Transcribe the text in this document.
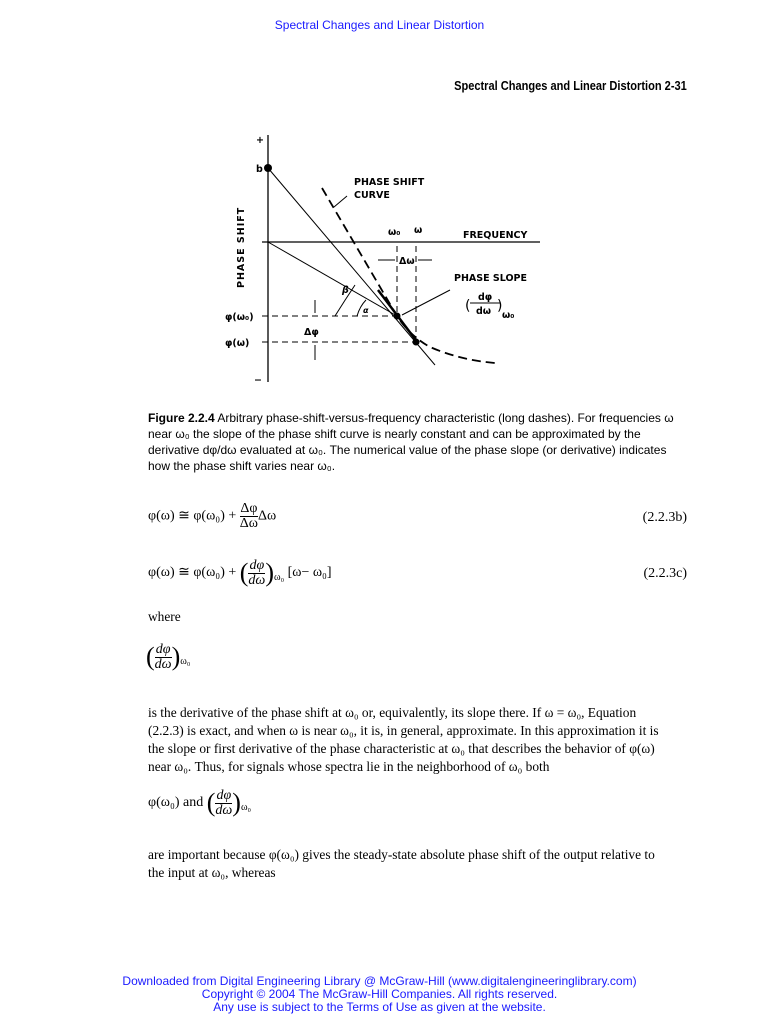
Spectral Changes and Linear Distortion
Spectral Changes and Linear Distortion 2-31
+
−
b
PHASE SHIFT
PHASE SHIFT
CURVE
ω₀ ω	FREQUENCY
Δω
PHASE SLOPE
dφ
dω ω₀
( )
β
α
φ(ω₀)
φ(ω)
Δφ
Figure 2.2.4 Arbitrary phase-shift-versus-frequency characteristic (long dashes). For frequencies ω near ω₀ the slope of the phase shift curve is nearly constant and can be approximated by the derivative dφ/dω evaluated at ω₀. The numerical value of the phase slope (or derivative) indicates how the phase shift varies near ω₀.
φ(ω) ≅ $\varphi(\omega_0) + \frac{\Delta\varphi}{\Delta\omega}$ Δω	(2.2.3b)
φ(ω) ≅ φ(ω₀) + ( $\frac{d\varphi}{d\omega} )_{\omega_0}$ [ω− ω₀]	(2.2.3c)
where
( $\frac{d\varphi}{d\omega} )_{\omega_0}$
is the derivative of the phase shift at ω₀ or, equivalently, its slope there. If ω = ω₀, Equation
(2.2.3) is exact, and when ω is near ω₀, it is, in general, approximate. In this approximation it is
the slope or first derivative of the phase characteristic at ω₀ that describes the behavior of φ(ω)
near ω₀. Thus, for signals whose spectra lie in the neighborhood of ω₀ both
φ(ω₀) and ( $\frac{d\varphi}{d\omega} )_{\omega_0}$
are important because φ(ω₀) gives the steady-state absolute phase shift of the output relative to
the input at ω₀, whereas
Downloaded from Digital Engineering Library @ McGraw-Hill (www.digitalengineeringlibrary.com)
Copyright © 2004 The McGraw-Hill Companies. All rights reserved.
Any use is subject to the Terms of Use as given at the website.
